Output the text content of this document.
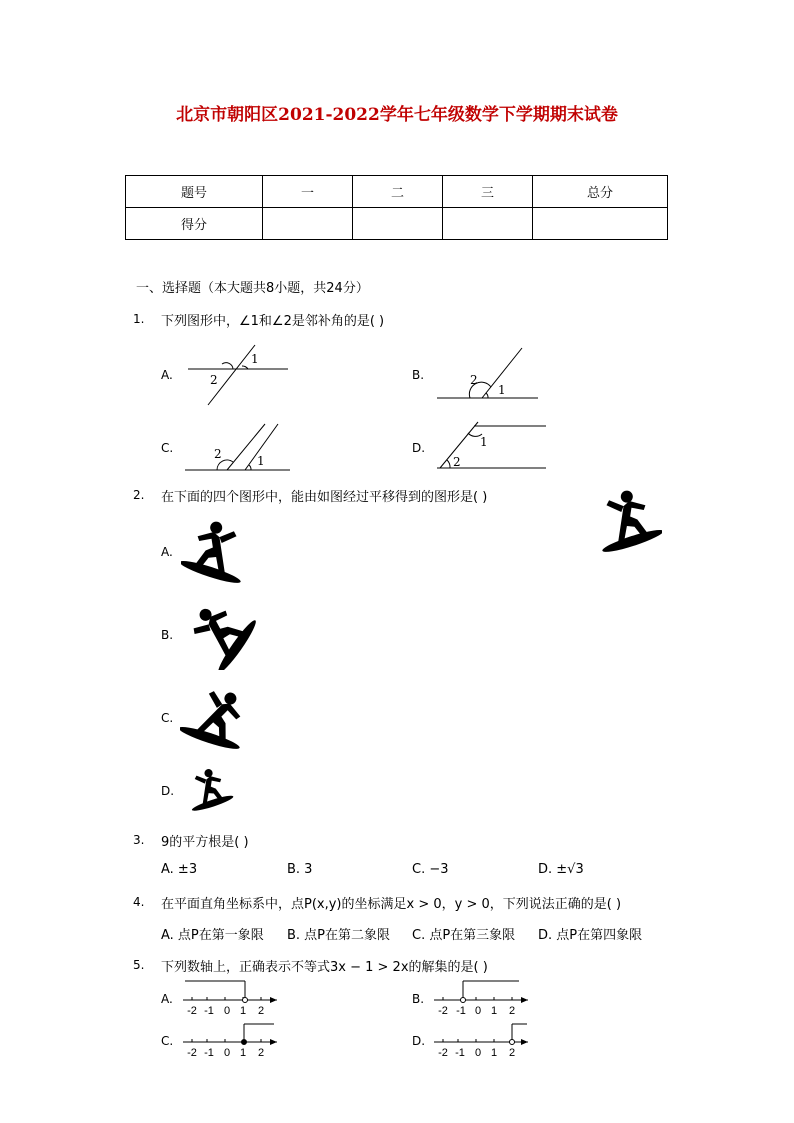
北京市朝阳区2021-2022学年七年级数学下学期期末试卷
题号	一	二	三	总分
得分				
一、选择题（本大题共8小题，共24分）
1. 下列图形中，∠1和∠2是邻补角的是( )
A.
1
2	B.
1
2
C.	2	1
D.	1
2
2. 在下面的四个图形中，能由如图经过平移得到的图形是( )
A.
B.
C.
D.
3. 9的平方根是( )
A. ±3	B. 3	C. −3	D. ±√3
4. 在平面直角坐标系中，点P(x,y)的坐标满足x > 0，y > 0，下列说法正确的是( )
A. 点P在第一象限 B. 点P在第二象限 C. 点P在第三象限 D. 点P在第四象限
5. 下列数轴上，正确表示不等式3x − 1 > 2x的解集的是( )
A.
-2 -1 0 1 2
B.
-2 -1 0 1 2
C.
-2 -1 0 1 2
D.
-2 -1 0 1 2
